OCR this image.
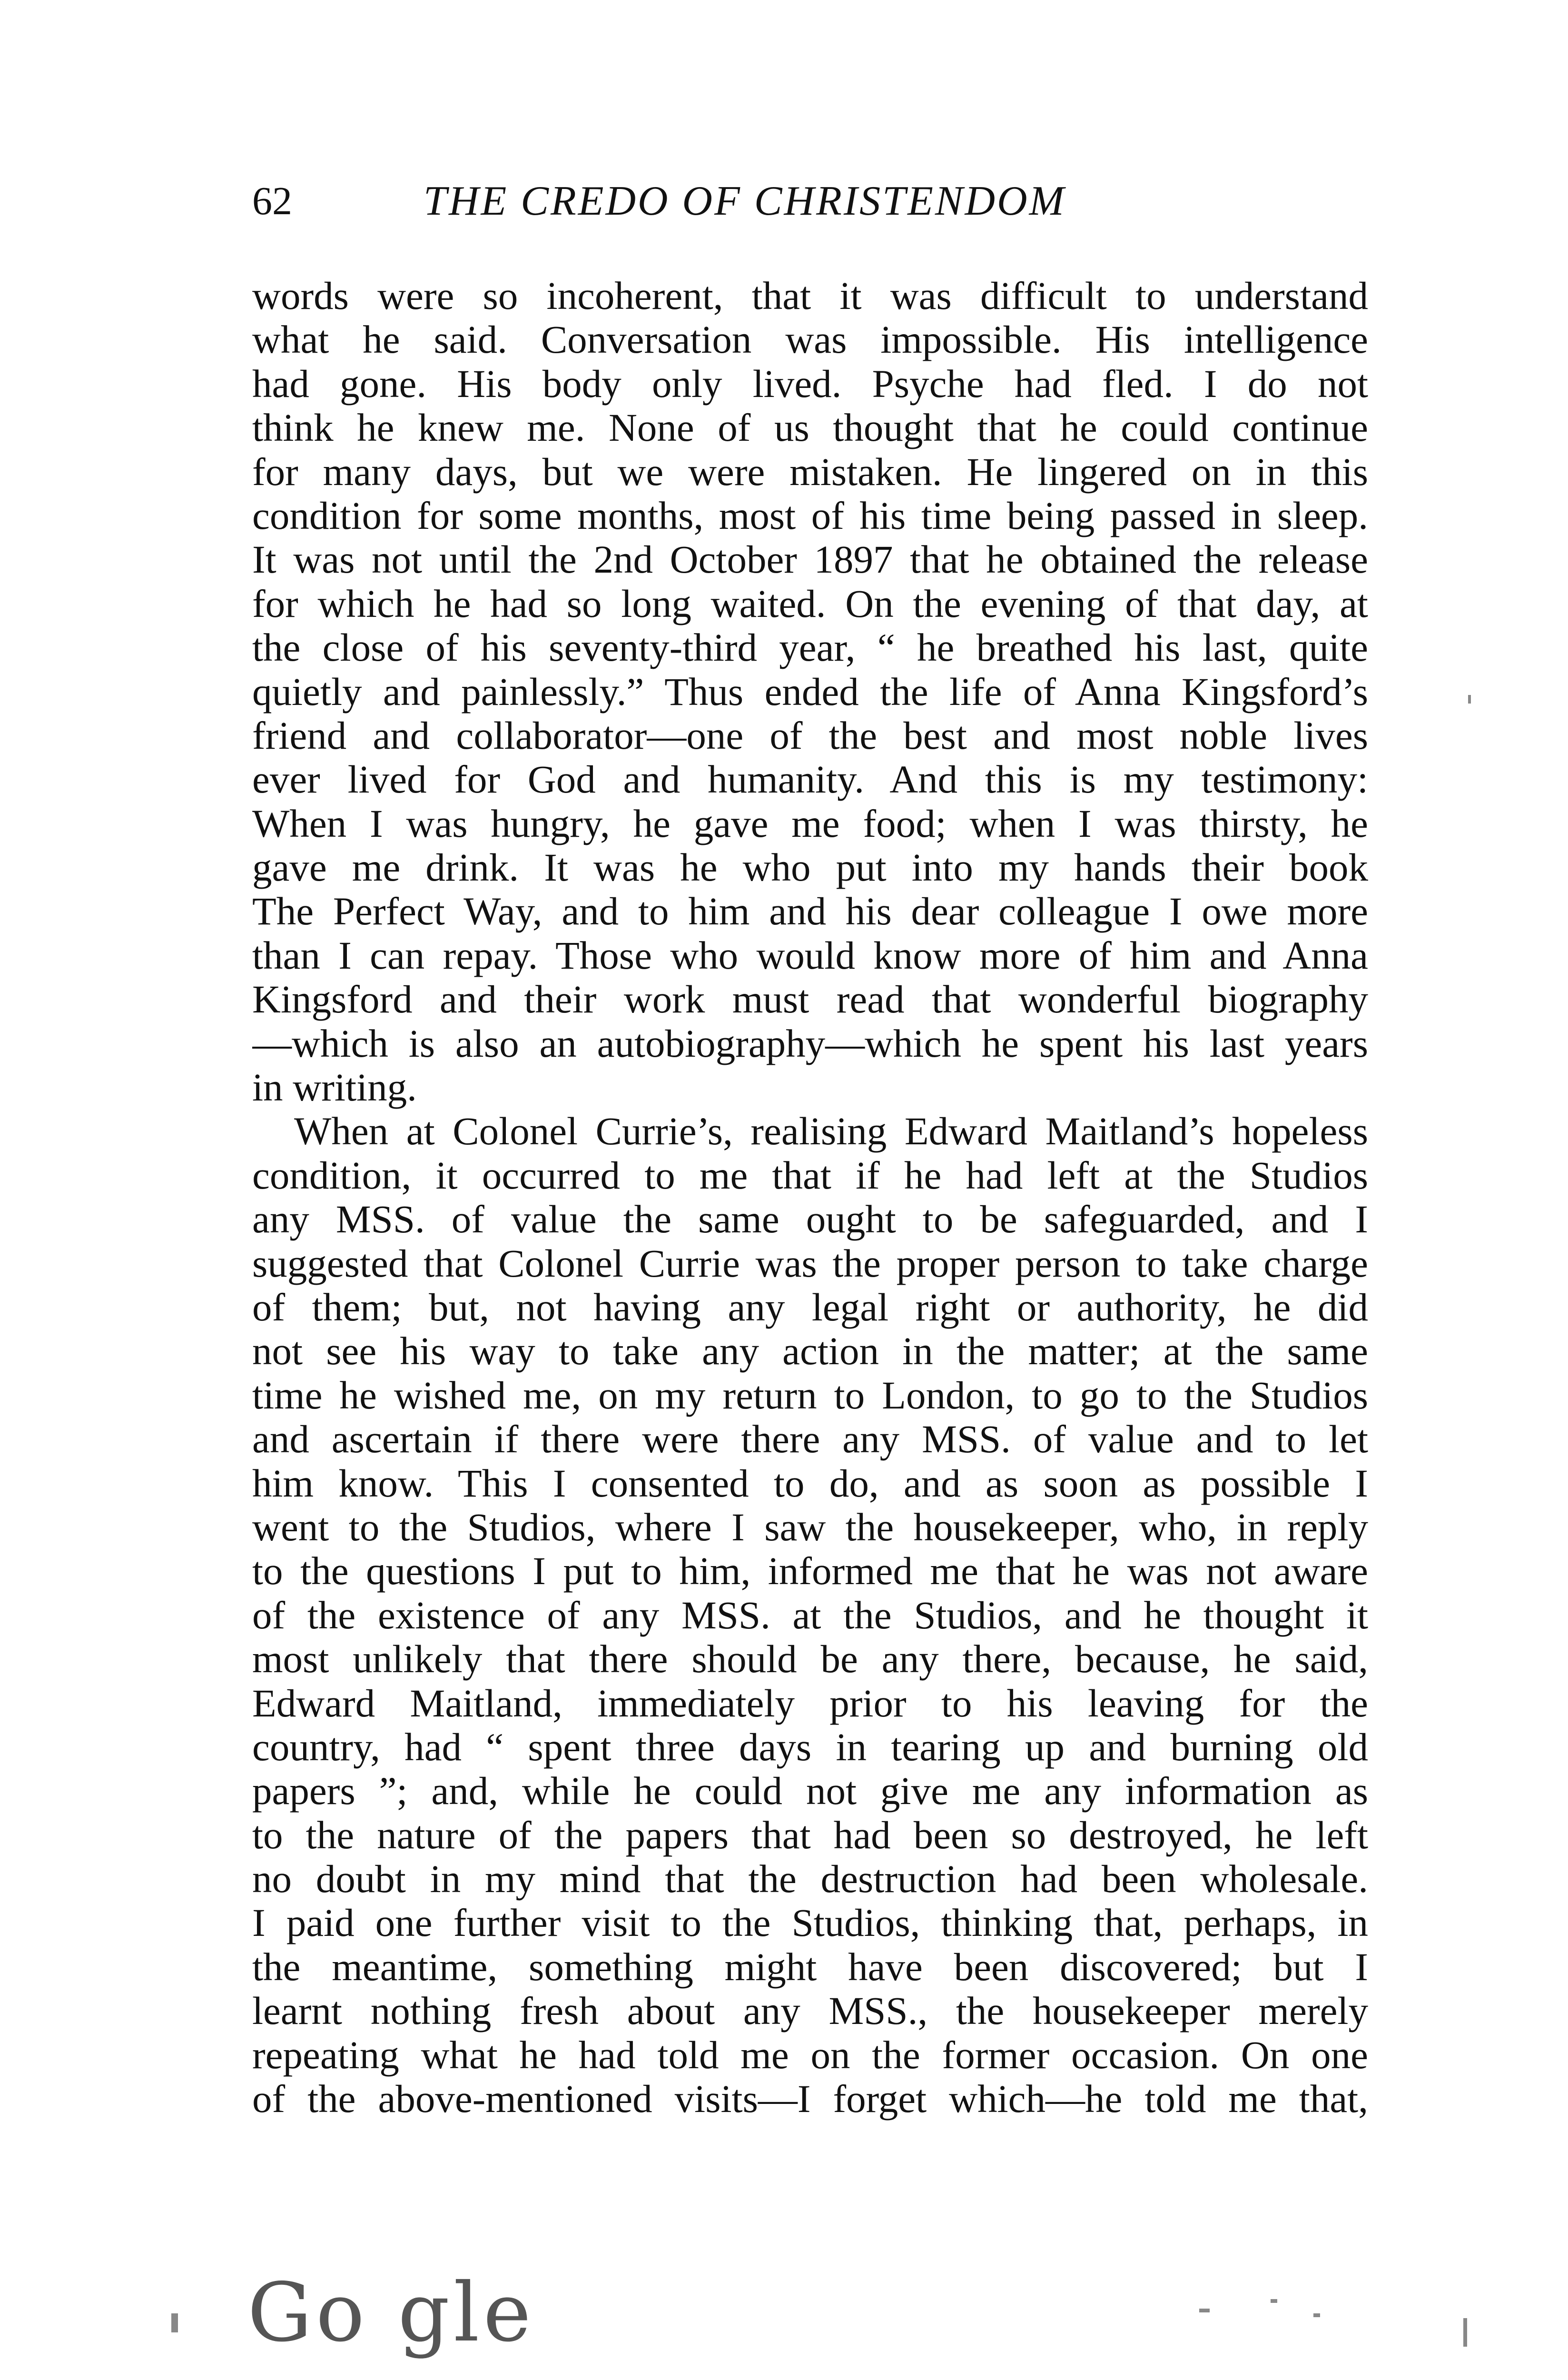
62	THE CREDO OF CHRISTENDOM
words were so incoherent, that it was difficult to understand
what he said. Conversation was impossible. His intelligence
had gone. His body only lived. Psyche had fled. I do not
think he knew me. None of us thought that he could continue
for many days, but we were mistaken. He lingered on in this
condition for some months, most of his time being passed in sleep.
It was not until the 2nd October 1897 that he obtained the release
for which he had so long waited. On the evening of that day, at
the close of his seventy-third year, “ he breathed his last, quite
quietly and painlessly.” Thus ended the life of Anna Kingsford’s
friend and collaborator—one of the best and most noble lives
ever lived for God and humanity. And this is my testimony:
When I was hungry, he gave me food; when I was thirsty, he
gave me drink. It was he who put into my hands their book
The Perfect Way, and to him and his dear colleague I owe more
than I can repay. Those who would know more of him and Anna
Kingsford and their work must read that wonderful biography
—which is also an autobiography—which he spent his last years
in writing.
When at Colonel Currie’s, realising Edward Maitland’s hopeless
condition, it occurred to me that if he had left at the Studios
any MSS. of value the same ought to be safeguarded, and I
suggested that Colonel Currie was the proper person to take charge
of them; but, not having any legal right or authority, he did
not see his way to take any action in the matter; at the same
time he wished me, on my return to London, to go to the Studios
and ascertain if there were there any MSS. of value and to let
him know. This I consented to do, and as soon as possible I
went to the Studios, where I saw the housekeeper, who, in reply
to the questions I put to him, informed me that he was not aware
of the existence of any MSS. at the Studios, and he thought it
most unlikely that there should be any there, because, he said,
Edward Maitland, immediately prior to his leaving for the
country, had “ spent three days in tearing up and burning old
papers ”; and, while he could not give me any information as
to the nature of the papers that had been so destroyed, he left
no doubt in my mind that the destruction had been wholesale.
I paid one further visit to the Studios, thinking that, perhaps, in
the meantime, something might have been discovered; but I
learnt nothing fresh about any MSS., the housekeeper merely
repeating what he had told me on the former occasion. On one
of the above-mentioned visits—I forget which—he told me that,
Go gle
